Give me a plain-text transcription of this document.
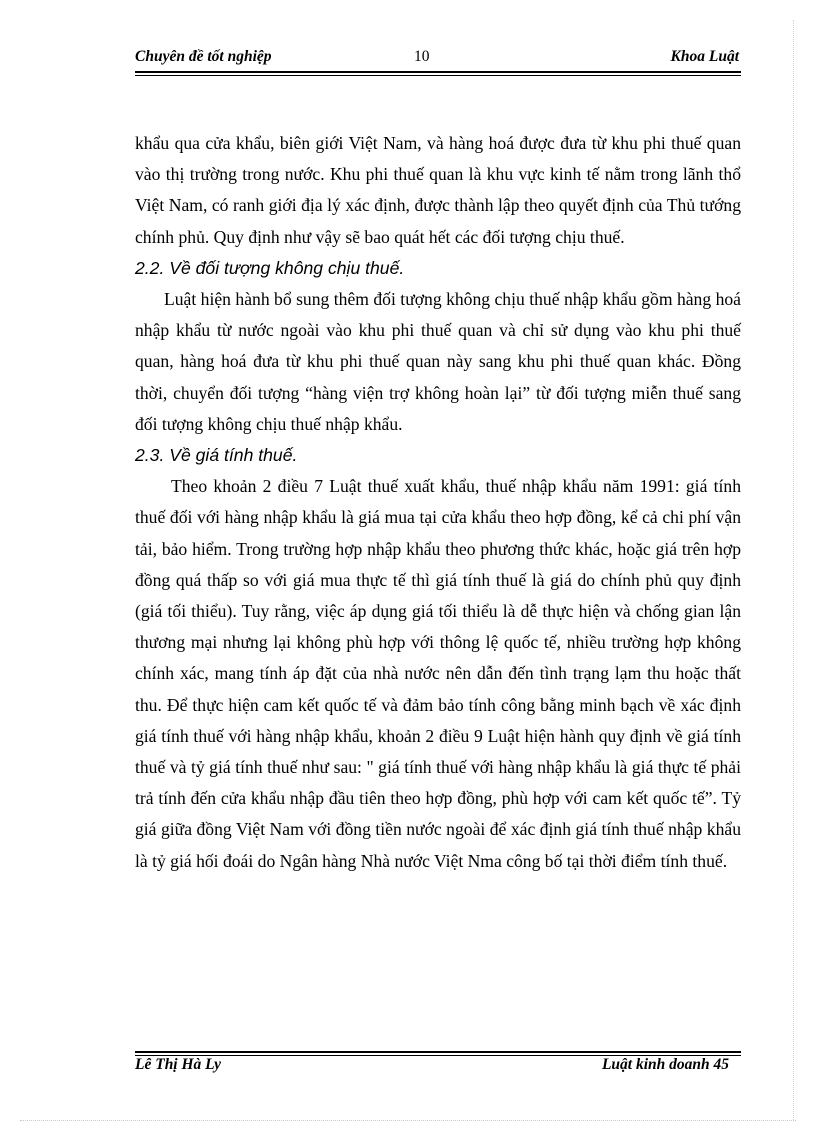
Chuyên đề tốt nghiệp	10	Khoa Luật

khẩu qua cửa khẩu, biên giới Việt Nam, và hàng hoá được đưa từ khu phi thuế quan vào thị trường trong nước. Khu phi thuế quan là khu vực kinh tế nằm trong lãnh thổ Việt Nam, có ranh giới địa lý xác định, được thành lập theo quyết định của Thủ tướng chính phủ. Quy định như vậy sẽ bao quát hết các đối tượng chịu thuế.

2.2. Về đối tượng không chịu thuế.

Luật hiện hành bổ sung thêm đối tượng không chịu thuế nhập khẩu gồm hàng hoá nhập khẩu từ nước ngoài vào khu phi thuế quan và chỉ sử dụng vào khu phi thuế quan, hàng hoá đưa từ khu phi thuế quan này sang khu phi thuế quan khác. Đồng thời, chuyển đối tượng “hàng viện trợ không hoàn lại” từ đối tượng miễn thuế sang đối tượng không chịu thuế nhập khẩu.

2.3. Về giá tính thuế.

Theo khoản 2 điều 7 Luật thuế xuất khẩu, thuế nhập khẩu năm 1991: giá tính thuế đối với hàng nhập khẩu là giá mua tại cửa khẩu theo hợp đồng, kể cả chi phí vận tải, bảo hiểm. Trong trường hợp nhập khẩu theo phương thức khác, hoặc giá trên hợp đồng quá thấp so với giá mua thực tế thì giá tính thuế là giá do chính phủ quy định (giá tối thiểu). Tuy rằng, việc áp dụng giá tối thiểu là dễ thực hiện và chống gian lận thương mại nhưng lại không phù hợp với thông lệ quốc tế, nhiều trường hợp không chính xác, mang tính áp đặt của nhà nước nên dẫn đến tình trạng lạm thu hoặc thất thu. Để thực hiện cam kết quốc tế và đảm bảo tính công bằng minh bạch về xác định giá tính thuế với hàng nhập khẩu, khoản 2 điều 9 Luật hiện hành quy định về giá tính thuế và tỷ giá tính thuế như sau: " giá tính thuế với hàng nhập khẩu là giá thực tế phải trả tính đến cửa khẩu nhập đầu tiên theo hợp đồng, phù hợp với cam kết quốc tế”. Tỷ giá giữa đồng Việt Nam với đồng tiền nước ngoài để xác định giá tính thuế nhập khẩu là tỷ giá hối đoái do Ngân hàng Nhà nước Việt Nma công bố tại thời điểm tính thuế.

Lê Thị Hà Ly	Luật kinh doanh 45
